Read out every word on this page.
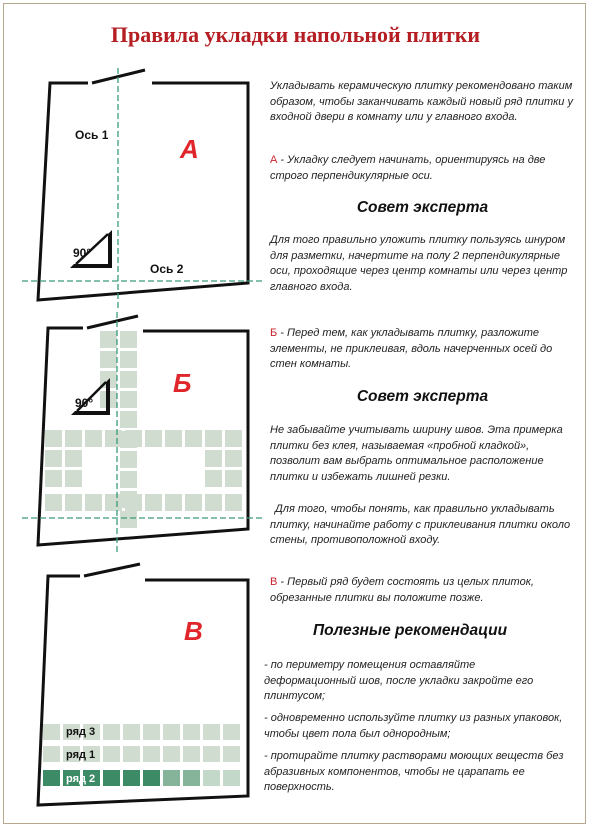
Правила укладки напольной плитки
Ось 1
Ось 2
90°
А
90°
Б
ряд 3
ряд 1
ряд 2
В
Укладывать керамическую плитку рекомендовано таким образом, чтобы заканчивать каждый новый ряд плитки у входной двери в комнату или у главного входа.
А - Укладку следует начинать, ориентируясь на две строго перпендикулярные оси.
Совет эксперта
Для того правильно уложить плитку пользуясь шнуром для разметки, начертите на полу 2 перпендикулярные оси, проходящие через центр комнаты или через центр главного входа.
Б - Перед тем, как укладывать плитку, разложите элементы, не приклеивая, вдоль начерченных осей до стен комнаты.
Совет эксперта
Не забывайте учитывать ширину швов. Эта примерка плитки без клея, называемая «пробной кладкой», позволит вам выбрать оптимальное расположение плитки и избежать лишней резки.
Для того, чтобы понять, как правильно укладывать плитку, начинайте работу с приклеивания плитки около стены, противоположной входу.
В - Первый ряд будет состоять из целых плиток, обрезанные плитки вы положите позже.
Полезные рекомендации
- по периметру помещения оставляйте деформационный шов, после укладки закройте его плинтусом;
- одновременно используйте плитку из разных упаковок, чтобы цвет пола был однородным;
- протирайте плитку растворами моющих веществ без абразивных компонентов, чтобы не царапать ее поверхность.
